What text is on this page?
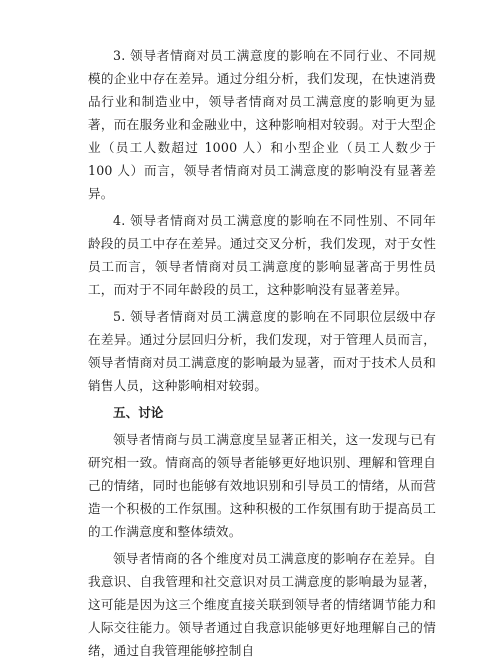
3. 领导者情商对员工满意度的影响在不同行业、不同规模的企业中存在差异。通过分组分析，我们发现，在快速消费品行业和制造业中，领导者情商对员工满意度的影响更为显著，而在服务业和金融业中，这种影响相对较弱。对于大型企业（员工人数超过 1000 人）和小型企业（员工人数少于 100 人）而言，领导者情商对员工满意度的影响没有显著差异。

4. 领导者情商对员工满意度的影响在不同性别、不同年龄段的员工中存在差异。通过交叉分析，我们发现，对于女性员工而言，领导者情商对员工满意度的影响显著高于男性员工，而对于不同年龄段的员工，这种影响没有显著差异。

5. 领导者情商对员工满意度的影响在不同职位层级中存在差异。通过分层回归分析，我们发现，对于管理人员而言，领导者情商对员工满意度的影响最为显著，而对于技术人员和销售人员，这种影响相对较弱。

五、讨论

领导者情商与员工满意度呈显著正相关，这一发现与已有研究相一致。情商高的领导者能够更好地识别、理解和管理自己的情绪，同时也能够有效地识别和引导员工的情绪，从而营造一个积极的工作氛围。这种积极的工作氛围有助于提高员工的工作满意度和整体绩效。

领导者情商的各个维度对员工满意度的影响存在差异。自我意识、自我管理和社交意识对员工满意度的影响最为显著，这可能是因为这三个维度直接关联到领导者的情绪调节能力和人际交往能力。领导者通过自我意识能够更好地理解自己的情绪，通过自我管理能够控制自
